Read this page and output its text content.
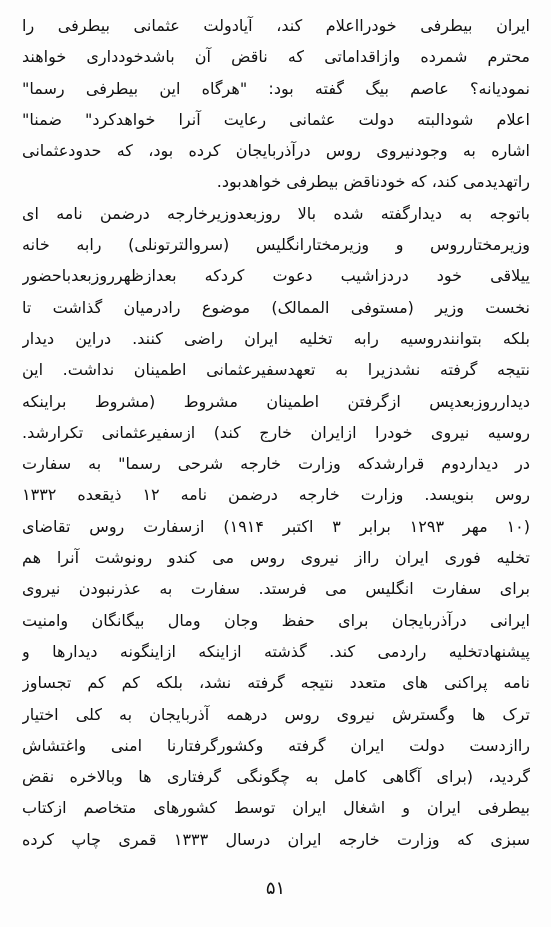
ایران بیطرفی خودرااعلام کند، آیادولت عثمانی بیطرفی را
محترم شمرده وازاقداماتی که ناقض آن باشدخودداری خواهند
نمودیانه؟ عاصم بیگ گفته بود: "هرگاه این بیطرفی رسما"
اعلام شودالبته دولت عثمانی رعایت آنرا خواهدکرد" ضمنا"
اشاره به وجودنیروی روس درآذربایجان کرده بود، که حدودعثمانی
راتهدیدمی کند، که خودناقض بیطرفی خواهدبود.
باتوجه به دیدارگفته شده بالا روزبعدوزیرخارجه درضمن نامه ای
وزیرمختارروس و وزیرمختارانگلیس (سروالترتونلی) رابه خانه
ییلاقی خود دردزاشیب دعوت کردکه بعدازظهرروزبعدباحضور
نخست وزیر (مستوفی الممالک) موضوع رادرمیان گذاشت تا
بلکه بتوانندروسیه رابه تخلیه ایران راضی کنند. دراین دیدار
نتیجه گرفته نشدزیرا به تعهدسفیرعثمانی اطمینان نداشت. این
دیدارروزبعدپس ازگرفتن اطمینان مشروط (مشروط براینکه
روسیه نیروی خودرا ازایران خارج کند) ازسفیرعثمانی تکرارشد.
در دیداردوم قرارشدکه وزارت خارجه شرحی رسما" به سفارت
روس بنویسد. وزارت خارجه درضمن نامه ۱۲ ذیقعده ۱۳۳۲
(۱۰ مهر ۱۲۹۳ برابر ۳ اکتبر ۱۹۱۴) ازسفارت روس تقاضای
تخلیه فوری ایران رااز نیروی روس می کندو رونوشت آنرا هم
برای سفارت انگلیس می فرستد. سفارت به عذرنبودن نیروی
ایرانی درآذربایجان برای حفظ وجان ومال بیگانگان وامنیت
پیشنهادتخلیه راردمی کند. گذشته ازاینکه ازاینگونه دیدارها و
نامه پراکنی های متعدد نتیجه گرفته نشد، بلکه کم کم تجساوز
ترک ها وگسترش نیروی روس درهمه آذربایجان به کلی اختیار
راازدست دولت ایران گرفته وکشورگرفتارنا امنی واغتشاش
گردید، (برای آگاهی کامل به چگونگی گرفتاری ها وبالاخره نقض
بیطرفی ایران و اشغال ایران توسط کشورهای متخاصم ازکتاب
سبزی که وزارت خارجه ایران درسال ۱۳۳۳ قمری چاپ کرده
۵۱
